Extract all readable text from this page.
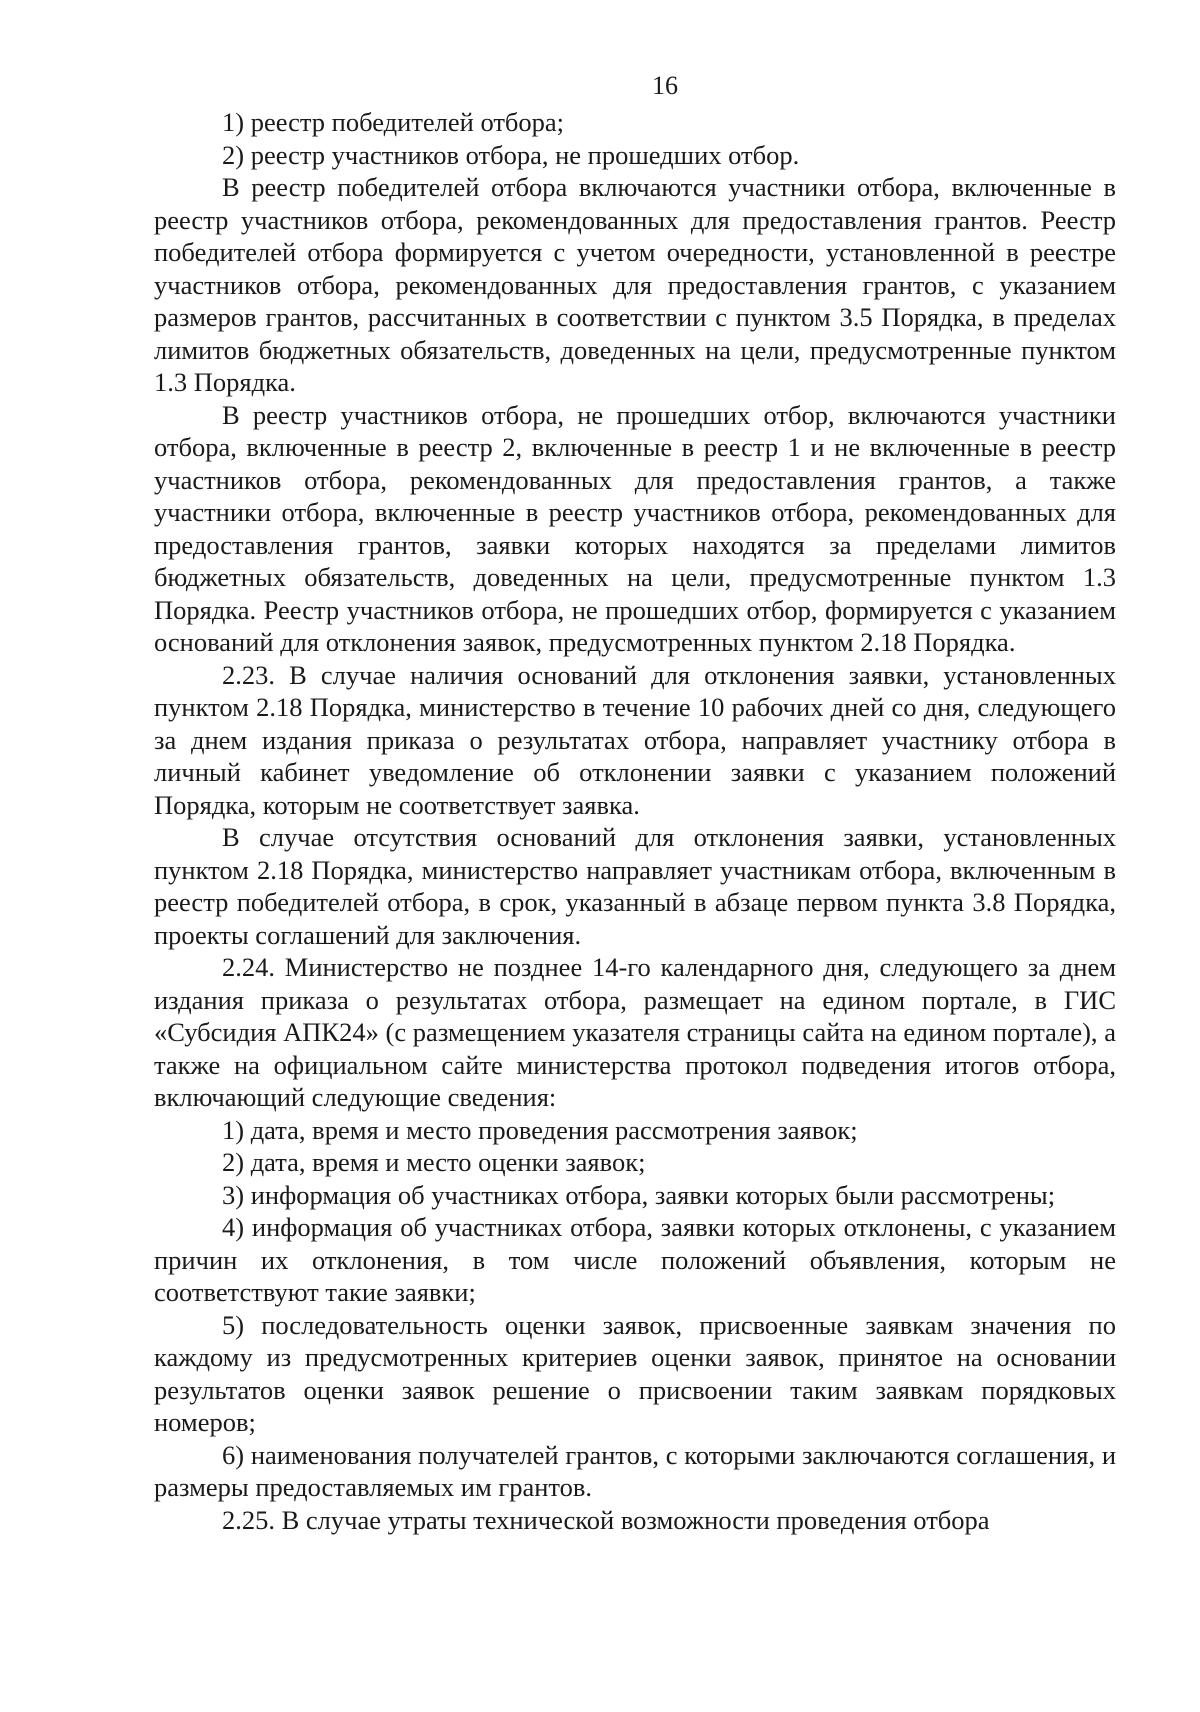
16

1) реестр победителей отбора;

2) реестр участников отбора, не прошедших отбор.

В реестр победителей отбора включаются участники отбора, включенные в реестр участников отбора, рекомендованных для предоставления грантов. Реестр победителей отбора формируется с учетом очередности, установленной в реестре участников отбора, рекомендованных для предоставления грантов, с указанием размеров грантов, рассчитанных в соответствии с пунктом 3.5 Порядка, в пределах лимитов бюджетных обязательств, доведенных на цели, предусмотренные пунктом 1.3 Порядка.

В реестр участников отбора, не прошедших отбор, включаются участники отбора, включенные в реестр 2, включенные в реестр 1 и не включенные в реестр участников отбора, рекомендованных для предоставления грантов, а также участники отбора, включенные в реестр участников отбора, рекомендованных для предоставления грантов, заявки которых находятся за пределами лимитов бюджетных обязательств, доведенных на цели, предусмотренные пунктом 1.3 Порядка. Реестр участников отбора, не прошедших отбор, формируется с указанием оснований для отклонения заявок, предусмотренных пунктом 2.18 Порядка.

2.23. В случае наличия оснований для отклонения заявки, установленных пунктом 2.18 Порядка, министерство в течение 10 рабочих дней со дня, следующего за днем издания приказа о результатах отбора, направляет участнику отбора в личный кабинет уведомление об отклонении заявки с указанием положений Порядка, которым не соответствует заявка.

В случае отсутствия оснований для отклонения заявки, установленных пунктом 2.18 Порядка, министерство направляет участникам отбора, включенным в реестр победителей отбора, в срок, указанный в абзаце первом пункта 3.8 Порядка, проекты соглашений для заключения.

2.24. Министерство не позднее 14-го календарного дня, следующего за днем издания приказа о результатах отбора, размещает на едином портале, в ГИС «Субсидия АПК24» (с размещением указателя страницы сайта на едином портале), а также на официальном сайте министерства протокол подведения итогов отбора, включающий следующие сведения:

1) дата, время и место проведения рассмотрения заявок;

2) дата, время и место оценки заявок;

3) информация об участниках отбора, заявки которых были рассмотрены;

4) информация об участниках отбора, заявки которых отклонены, с указанием причин их отклонения, в том числе положений объявления, которым не соответствуют такие заявки;

5) последовательность оценки заявок, присвоенные заявкам значения по каждому из предусмотренных критериев оценки заявок, принятое на основании результатов оценки заявок решение о присвоении таким заявкам порядковых номеров;

6) наименования получателей грантов, с которыми заключаются соглашения, и размеры предоставляемых им грантов.

2.25. В случае утраты технической возможности проведения отбора
